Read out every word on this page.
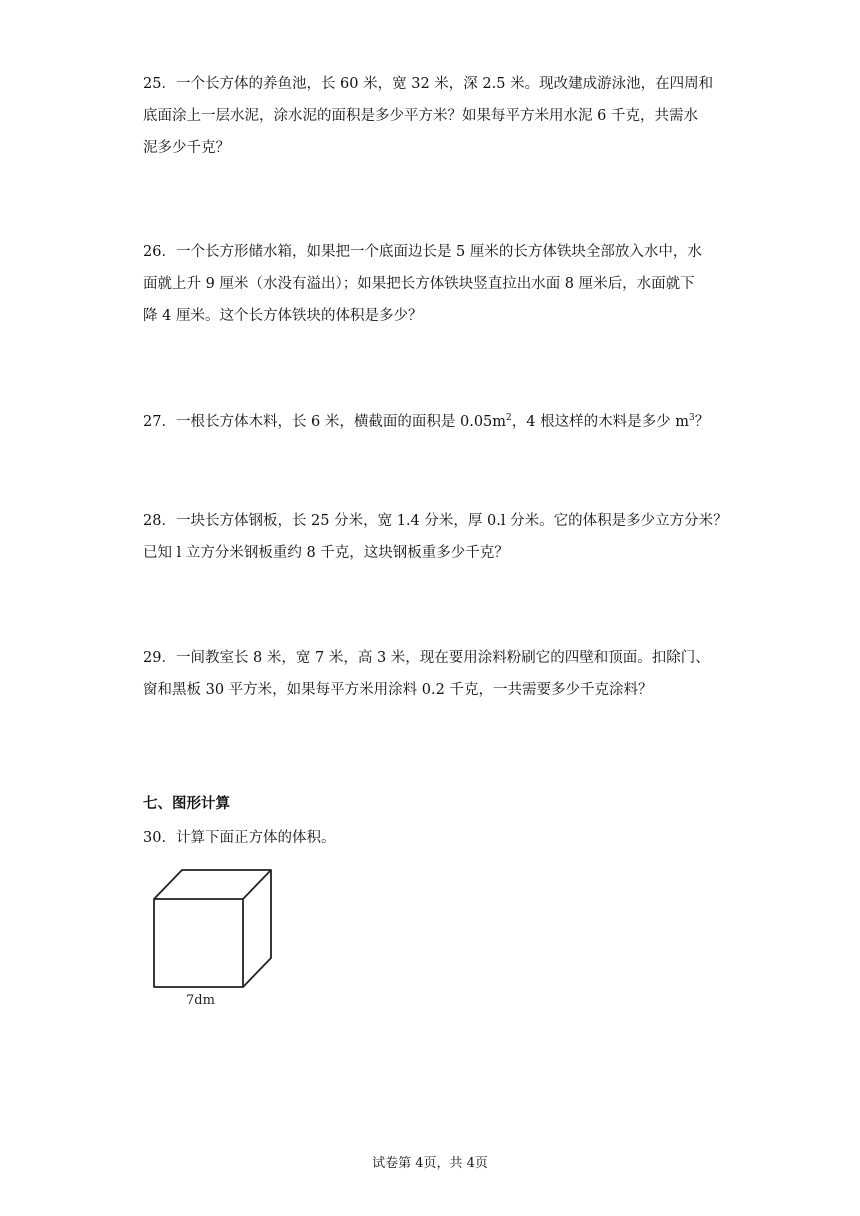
25．一个长方体的养鱼池，长 60 米，宽 32 米，深 2.5 米。现改建成游泳池，在四周和
底面涂上一层水泥，涂水泥的面积是多少平方米？如果每平方米用水泥 6 千克，共需水
泥多少千克？
26．一个长方形储水箱，如果把一个底面边长是 5 厘米的长方体铁块全部放入水中，水
面就上升 9 厘米（水没有溢出）；如果把长方体铁块竖直拉出水面 8 厘米后，水面就下
降 4 厘米。这个长方体铁块的体积是多少？
27．一根长方体木料，长 6 米，横截面的面积是 $0.05m^2$，4 根这样的木料是多少 $m^3$？
28．一块长方体钢板，长 25 分米，宽 1.4 分米，厚 0.l 分米。它的体积是多少立方分米？
已知 l 立方分米钢板重约 8 千克，这块钢板重多少千克？
29．一间教室长 8 米，宽 7 米，高 3 米，现在要用涂料粉刷它的四壁和顶面。扣除门、
窗和黑板 30 平方米，如果每平方米用涂料 0.2 千克，一共需要多少千克涂料？
七、图形计算
30．计算下面正方体的体积。
7dm
试卷第 4页，共 4页
